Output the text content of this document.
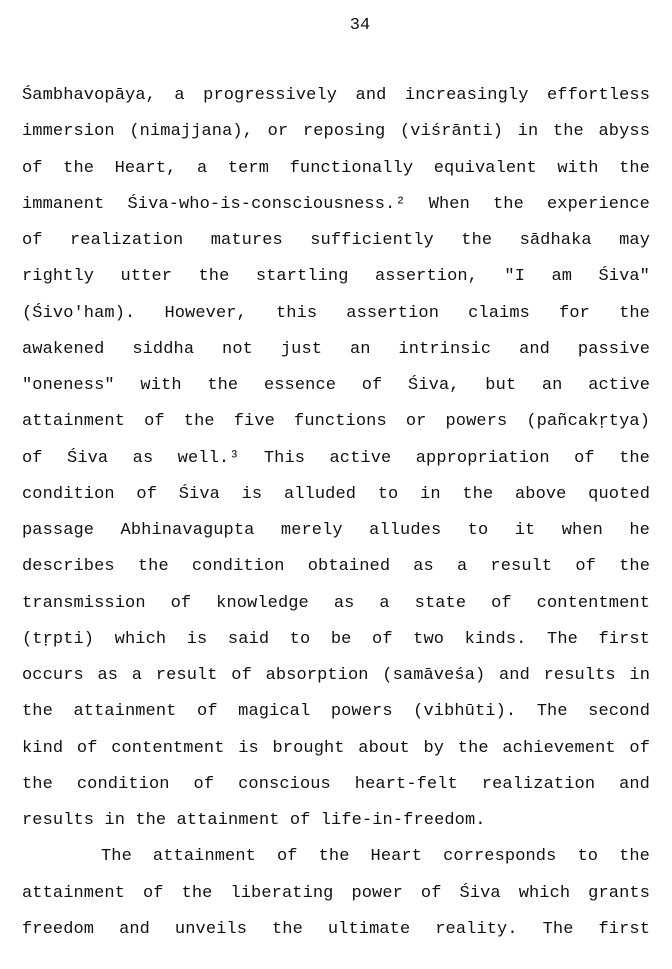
34
Śambhavopāya, a progressively and increasingly effortless
immersion (nimajjana), or reposing (viśrānti) in the abyss
of the Heart, a term functionally equivalent with the
immanent Śiva-who-is-consciousness.² When the experience
of realization matures sufficiently the sādhaka may
rightly utter the startling assertion, "I am Śiva"
(Śivo'ham). However, this assertion claims for the
awakened siddha not just an intrinsic and passive
"oneness" with the essence of Śiva, but an active
attainment of the five functions or powers (pañcakṛtya)
of Śiva as well.³ This active appropriation of the
condition of Śiva is alluded to in the above quoted
passage Abhinavagupta merely alludes to it when he
describes the condition obtained as a result of the
transmission of knowledge as a state of contentment
(tṛpti) which is said to be of two kinds. The first
occurs as a result of absorption (samāveśa) and results in
the attainment of magical powers (vibhūti). The second
kind of contentment is brought about by the achievement of
the condition of conscious heart-felt realization and
results in the attainment of life-in-freedom.
The attainment of the Heart corresponds to the
attainment of the liberating power of Śiva which grants
freedom and unveils the ultimate reality. The first
